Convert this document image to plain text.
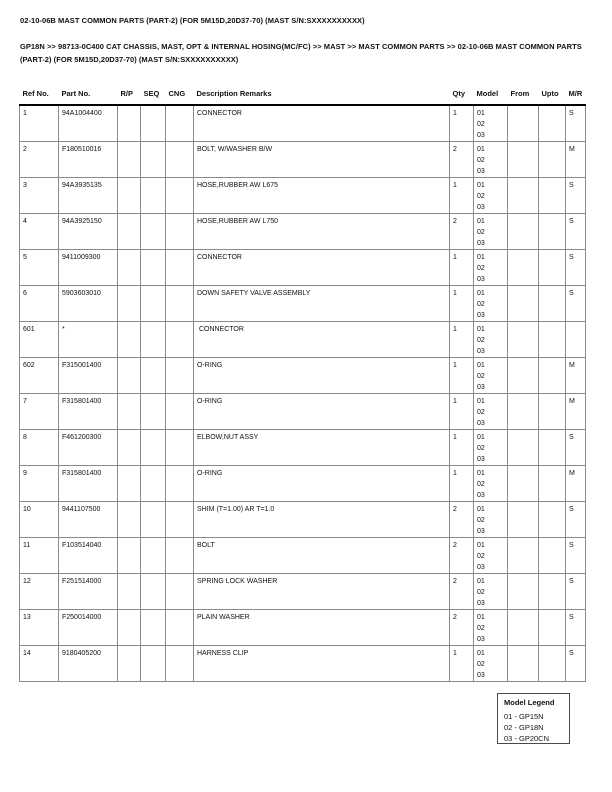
02-10-06B MAST COMMON PARTS (PART-2) (FOR 5M15D,20D37-70) (MAST S/N:SXXXXXXXXXX)
GP18N >> 98713-0C400 CAT CHASSIS, MAST, OPT & INTERNAL HOSING(MC/FC) >> MAST >> MAST COMMON PARTS >> 02-10-06B MAST COMMON PARTS (PART-2) (FOR 5M15D,20D37-70) (MAST S/N:SXXXXXXXXXX)
Ref No.	Part No.	R/P	SEQ	CNG	Description Remarks	Qty	Model	From	Upto	M/R
1	94A1004400				CONNECTOR	1	01
02
03			S
2	F180510016				BOLT, W/WASHER B/W	2	01
02
03			M
3	94A3935135				HOSE,RUBBER AW L675	1	01
02
03			S
4	94A3925150				HOSE,RUBBER AW L750	2	01
02
03			S
5	9411009300				CONNECTOR	1	01
02
03			S
6	5903603010				DOWN SAFETY VALVE ASSEMBLY	1	01
02
03			S
601	*				CONNECTOR	1	01
02
03			

602	F315001400				O-RING	1	01
02
03			M
7	F315801400				O-RING	1	01
02
03			M
8	F461200300				ELBOW,NUT ASSY	1	01
02
03			S
9	F315801400				O-RING	1	01
02
03			M
10	9441107500				SHIM (T=1.00) AR T=1.0	2	01
02
03			S
11	F103514040				BOLT	2	01
02
03			S
12	F251514000				SPRING LOCK WASHER	2	01
02
03			S
13	F250014000				PLAIN WASHER	2	01
02
03			S
14	9180405200				HARNESS CLIP	1	01
02
03			S
Model Legend
01 - GP15N
02 - GP18N
03 - GP20CN
